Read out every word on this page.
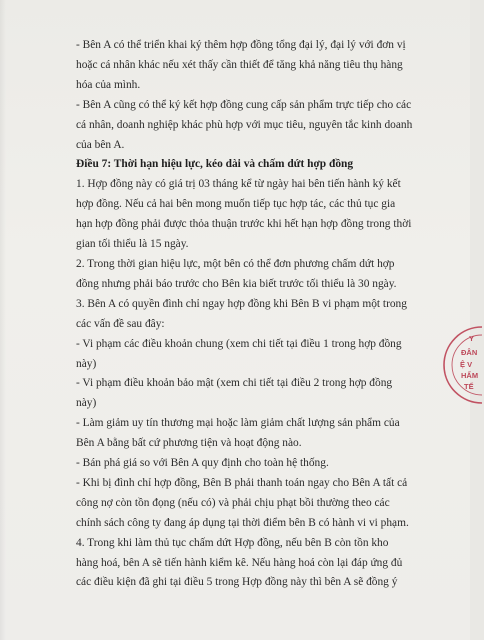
- Bên A có thể triển khai ký thêm hợp đồng tổng đại lý, đại lý với đơn vị
hoặc cá nhân khác nếu xét thấy cần thiết để tăng khả năng tiêu thụ hàng
hóa của mình.
- Bên A cũng có thể ký kết hợp đồng cung cấp sản phẩm trực tiếp cho các
cá nhân, doanh nghiệp khác phù hợp với mục tiêu, nguyên tắc kinh doanh
của bên A.
Điều 7: Thời hạn hiệu lực, kéo dài và chấm dứt hợp đồng
1. Hợp đồng này có giá trị 03 tháng kể từ ngày hai bên tiến hành ký kết
hợp đồng. Nếu cả hai bên mong muốn tiếp tục hợp tác, các thủ tục gia
hạn hợp đồng phải được thỏa thuận trước khi hết hạn hợp đồng trong thời
gian tối thiểu là 15 ngày.
2. Trong thời gian hiệu lực, một bên có thể đơn phương chấm dứt hợp
đồng nhưng phải báo trước cho Bên kia biết trước tối thiểu là 30 ngày.
3. Bên A có quyền đình chỉ ngay hợp đồng khi Bên B vi phạm một trong
các vấn đề sau đây:
- Vi phạm các điều khoản chung (xem chi tiết tại điều 1 trong hợp đồng
này)
- Vi phạm điều khoản bảo mật (xem chi tiết tại điều 2 trong hợp đồng
này)
- Làm giảm uy tín thương mại hoặc làm giảm chất lượng sản phẩm của
Bên A bằng bất cứ phương tiện và hoạt động nào.
- Bán phá giá so với Bên A quy định cho toàn hệ thống.
- Khi bị đình chỉ hợp đồng, Bên B phải thanh toán ngay cho Bên A tất cả
công nợ còn tồn đọng (nếu có) và phải chịu phạt bồi thường theo các
chính sách công ty đang áp dụng tại thời điểm bên B có hành vi vi phạm.
4. Trong khi làm thủ tục chấm dứt Hợp đồng, nếu bên B còn tồn kho
hàng hoá, bên A sẽ tiến hành kiểm kê. Nếu hàng hoá còn lại đáp ứng đủ
các điều kiện đã ghi tại điều 5 trong Hợp đồng này thì bên A sẽ đồng ý
Y
ĐÂN
Ệ V
HẨM
TẾ
